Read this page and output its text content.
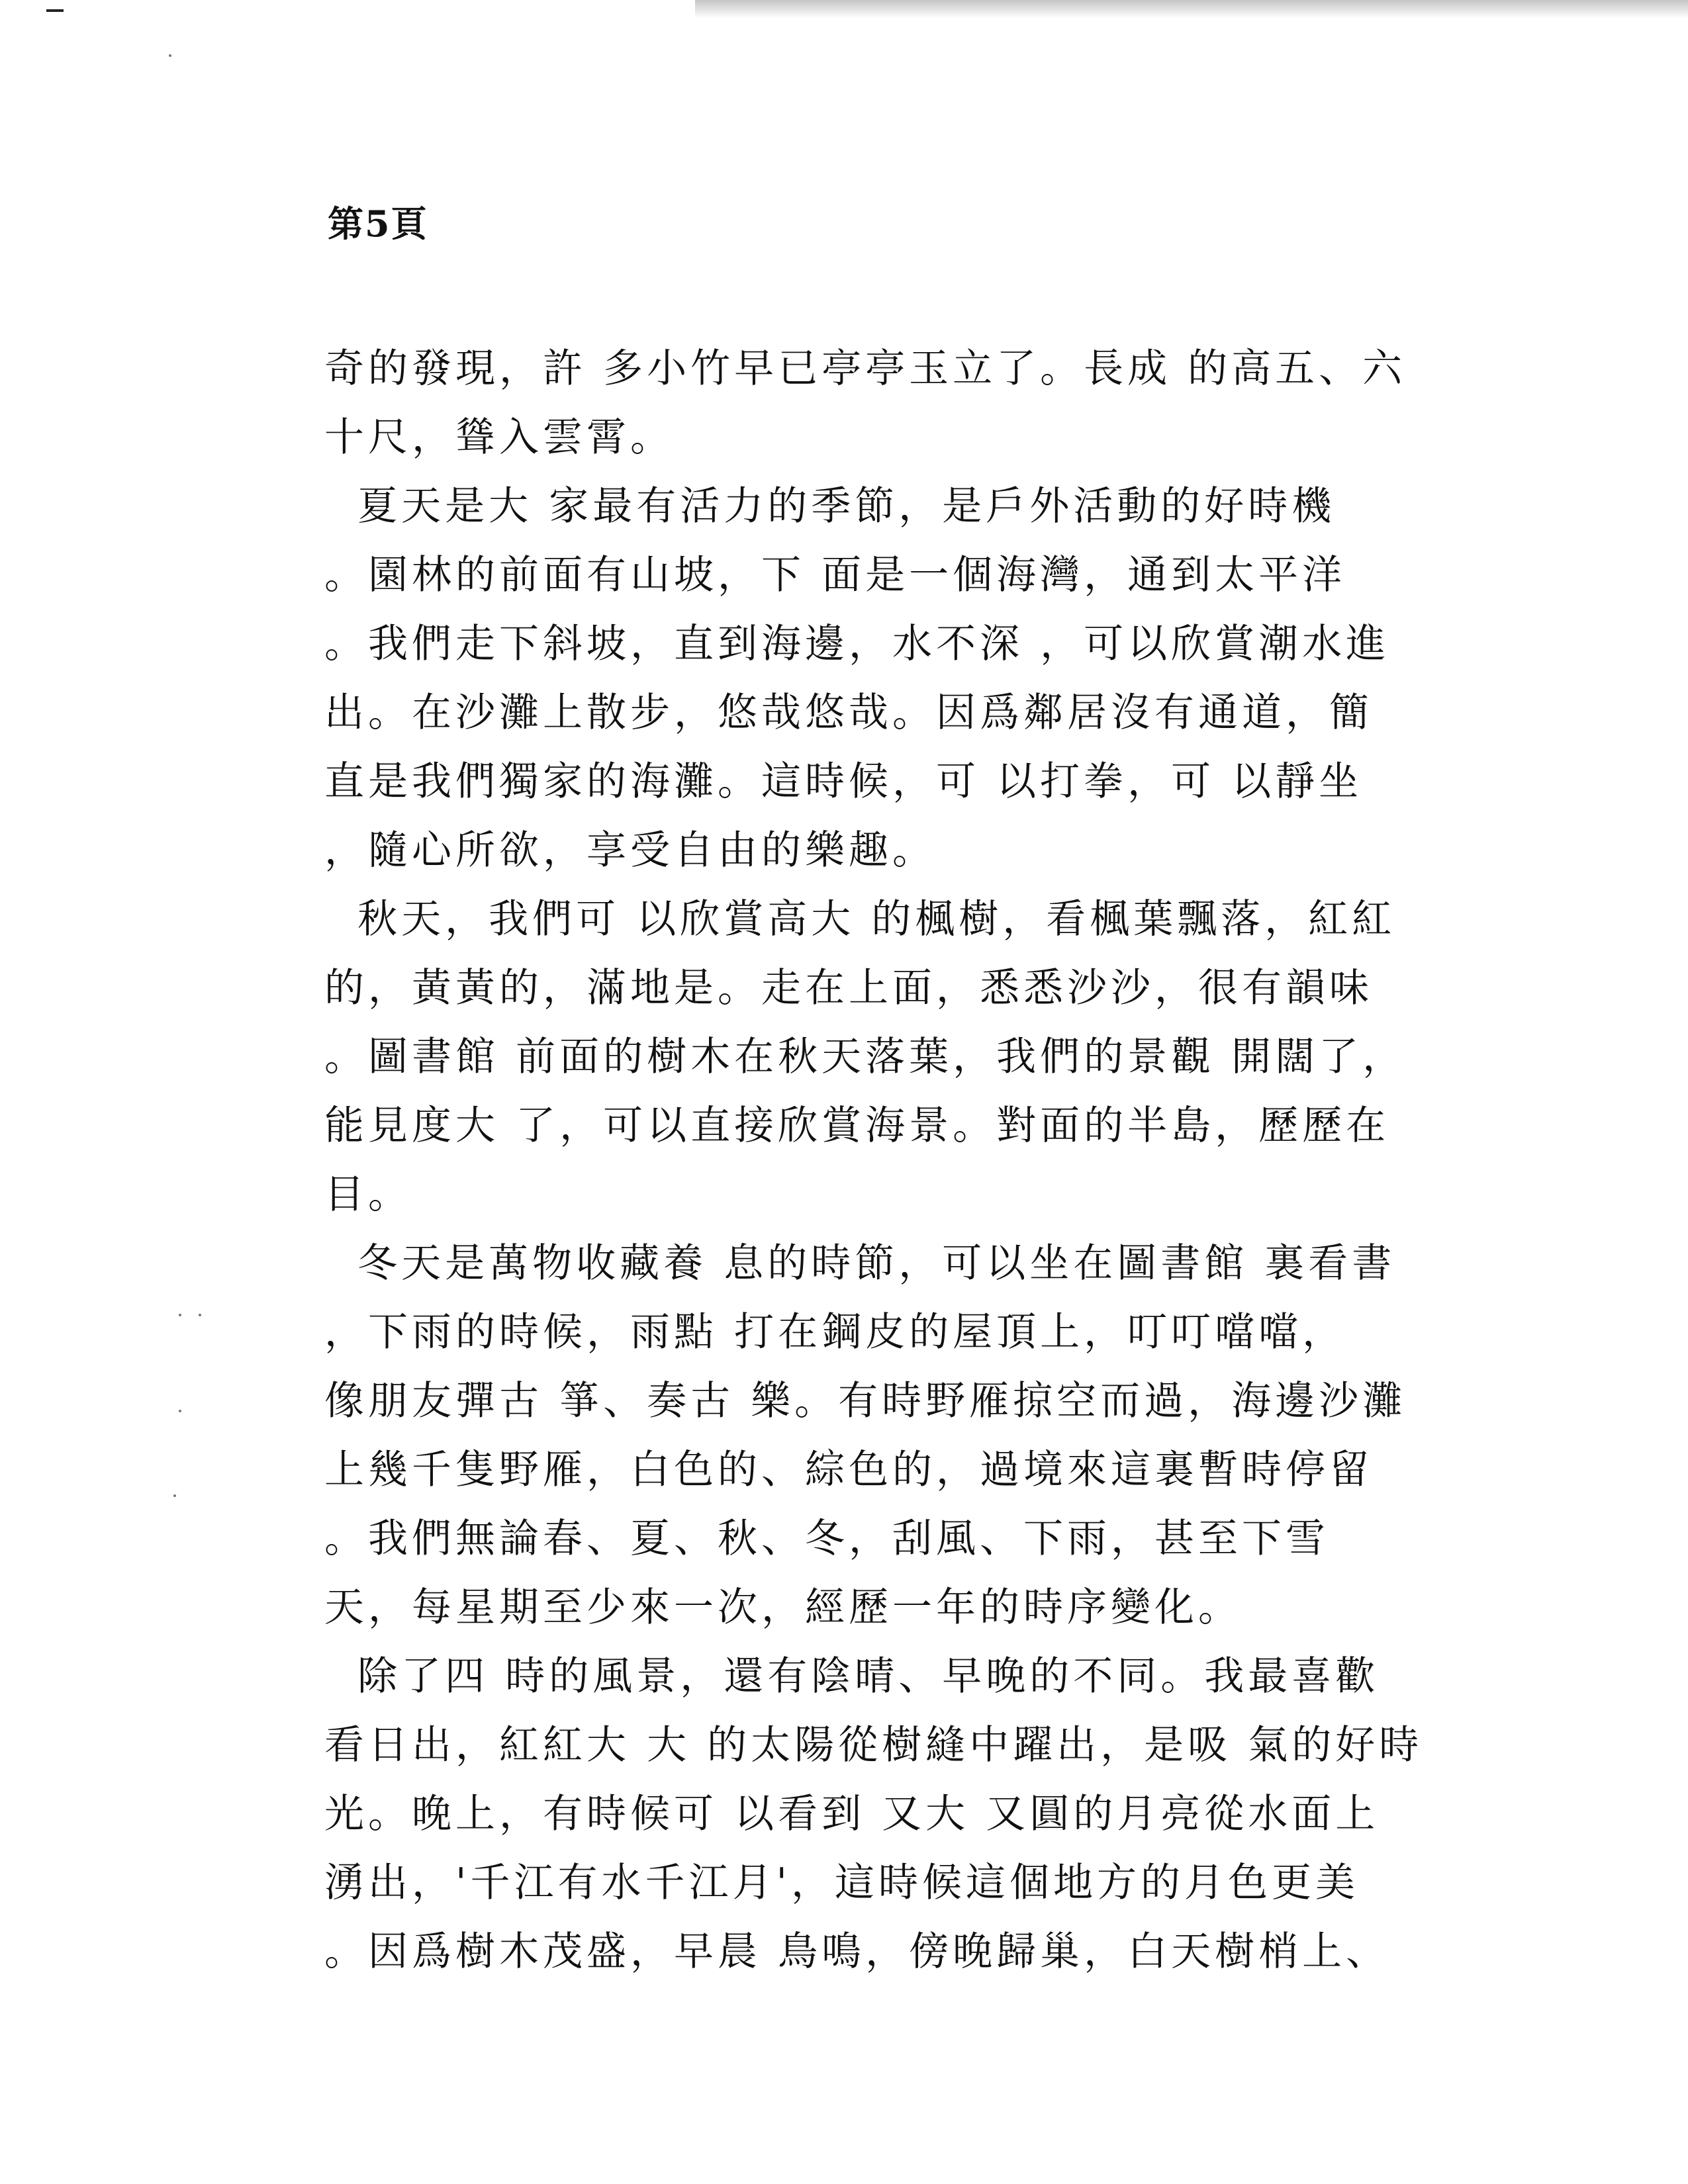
第5頁
奇的發現，許 多小竹早已亭亭玉立了。長成 的高五、六
十尺，聳入雲霄。
夏天是大 家最有活力的季節，是戶外活動的好時機
。園林的前面有山坡，下 面是一個海灣，通到太平洋
。我們走下斜坡，直到海邊，水不深 ，可以欣賞潮水進
出。在沙灘上散步，悠哉悠哉。因爲鄰居沒有通道，簡
直是我們獨家的海灘。這時候，可 以打拳，可 以靜坐
，隨心所欲，享受自由的樂趣。
秋天，我們可 以欣賞高大 的楓樹，看楓葉飄落，紅紅
的，黃黃的，滿地是。走在上面，悉悉沙沙，很有韻味
。圖書館 前面的樹木在秋天落葉，我們的景觀 開闊了，
能見度大 了，可以直接欣賞海景。對面的半島，歷歷在
目。
冬天是萬物收藏養 息的時節，可以坐在圖書館 裏看書
，下雨的時候，雨點 打在鋼皮的屋頂上，叮叮噹噹，
像朋友彈古 箏、奏古 樂。有時野雁掠空而過，海邊沙灘
上幾千隻野雁，白色的、綜色的，過境來這裏暫時停留
。我們無論春、夏、秋、冬，刮風、下雨，甚至下雪
天，每星期至少來一次，經歷一年的時序變化。
除了四 時的風景，還有陰晴、早晚的不同。我最喜歡
看日出，紅紅大 大 的太陽從樹縫中躍出，是吸 氣的好時
光。晚上，有時候可 以看到 又大 又圓的月亮從水面上
湧出，'千江有水千江月'，這時候這個地方的月色更美
。因爲樹木茂盛，早晨 鳥鳴，傍晚歸巢，白天樹梢上、
